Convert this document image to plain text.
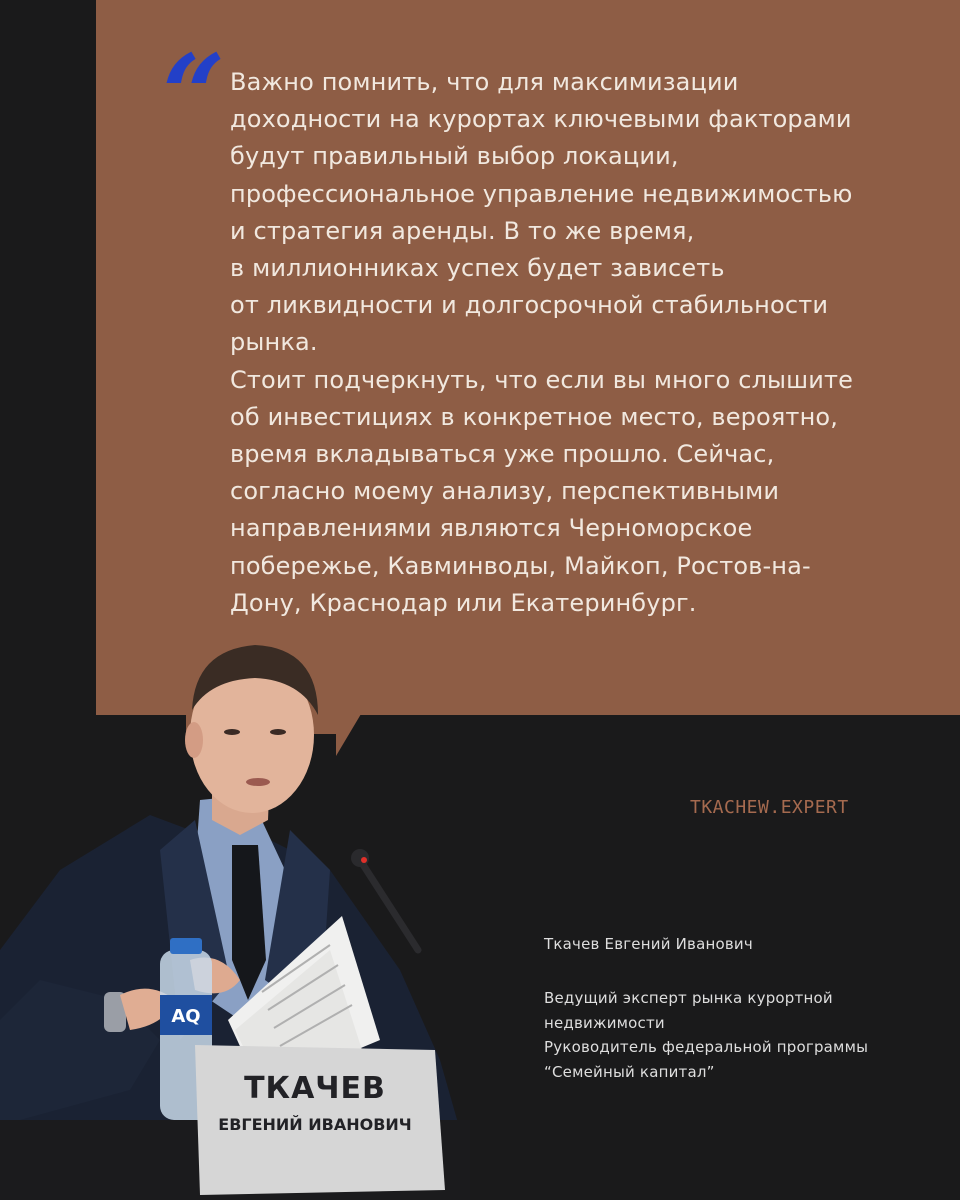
“ Важно помнить, что для максимизации
доходности на курортах ключевыми факторами
будут правильный выбор локации,
профессиональное управление недвижимостью
и стратегия аренды. В то же время,
в миллионниках успех будет зависеть
от ликвидности и долгосрочной стабильности
рынка.
Стоит подчеркнуть, что если вы много слышите
об инвестициях в конкретное место, вероятно,
время вкладываться уже прошло. Сейчас,
согласно моему анализу, перспективными
направлениями являются Черноморское
побережье, Кавминводы, Майкоп, Ростов-на-
Дону, Краснодар или Екатеринбург.

AQ
ТКАЧЕВ
ЕВГЕНИЙ ИВАНОВИЧ
TKACHEW.EXPERT
Ткачев Евгений Иванович
Ведущий эксперт рынка курортной
недвижимости
Руководитель федеральной программы
“Семейный капитал”
